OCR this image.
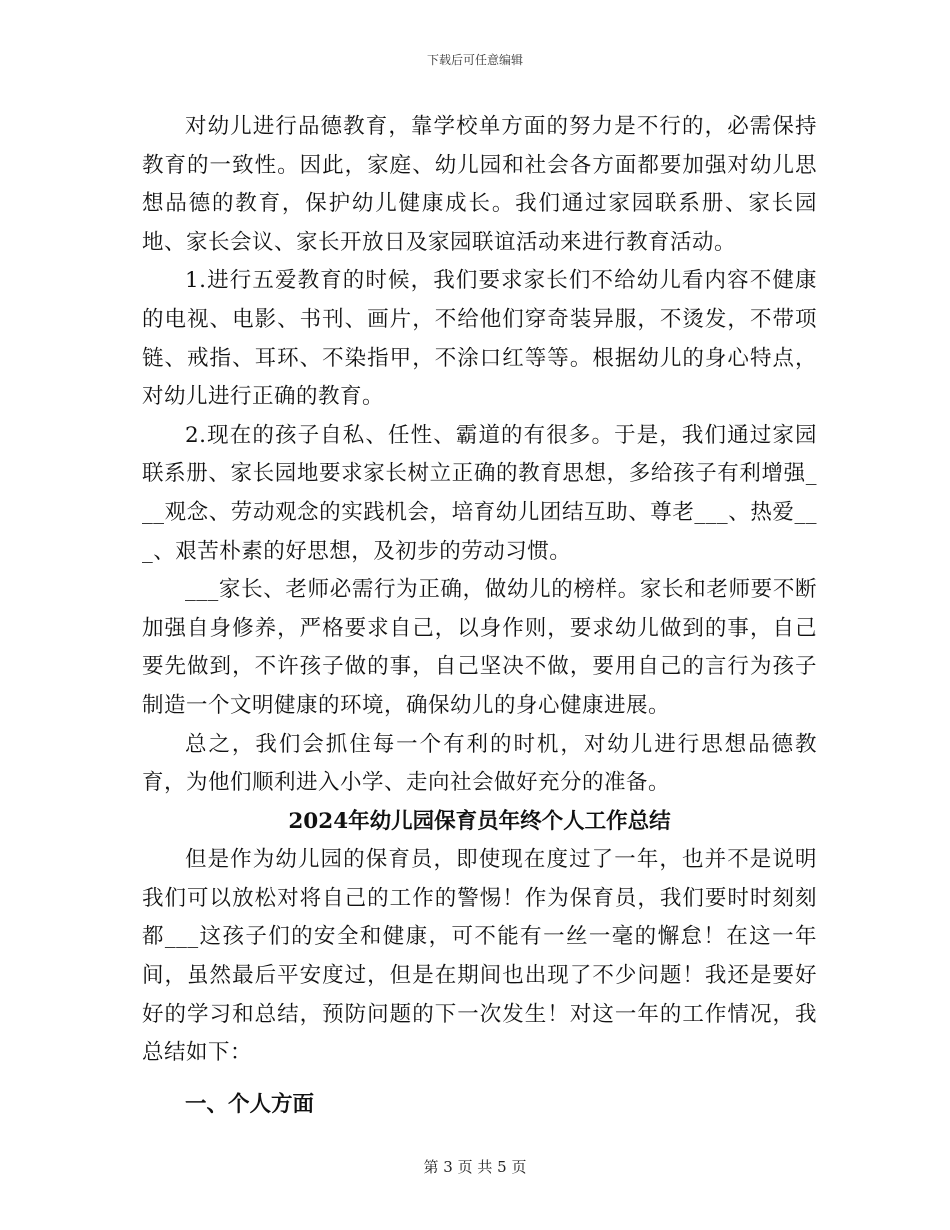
下载后可任意编辑

对幼儿进行品德教育，靠学校单方面的努力是不行的，必需保持教育的一致性。因此，家庭、幼儿园和社会各方面都要加强对幼儿思想品德的教育，保护幼儿健康成长。我们通过家园联系册、家长园地、家长会议、家长开放日及家园联谊活动来进行教育活动。

1.进行五爱教育的时候，我们要求家长们不给幼儿看内容不健康的电视、电影、书刊、画片，不给他们穿奇装异服，不烫发，不带项链、戒指、耳环、不染指甲，不涂口红等等。根据幼儿的身心特点，对幼儿进行正确的教育。

2.现在的孩子自私、任性、霸道的有很多。于是，我们通过家园联系册、家长园地要求家长树立正确的教育思想，多给孩子有利增强___观念、劳动观念的实践机会，培育幼儿团结互助、尊老___、热爱___、艰苦朴素的好思想，及初步的劳动习惯。

___家长、老师必需行为正确，做幼儿的榜样。家长和老师要不断加强自身修养，严格要求自己，以身作则，要求幼儿做到的事，自己要先做到，不许孩子做的事，自己坚决不做，要用自己的言行为孩子制造一个文明健康的环境，确保幼儿的身心健康进展。

总之，我们会抓住每一个有利的时机，对幼儿进行思想品德教育，为他们顺利进入小学、走向社会做好充分的准备。

2024年幼儿园保育员年终个人工作总结

但是作为幼儿园的保育员，即使现在度过了一年，也并不是说明我们可以放松对将自己的工作的警惕！作为保育员，我们要时时刻刻都___这孩子们的安全和健康，可不能有一丝一毫的懈怠！在这一年间，虽然最后平安度过，但是在期间也出现了不少问题！我还是要好好的学习和总结，预防问题的下一次发生！对这一年的工作情况，我总结如下：

一、个人方面

第 3 页 共 5 页
